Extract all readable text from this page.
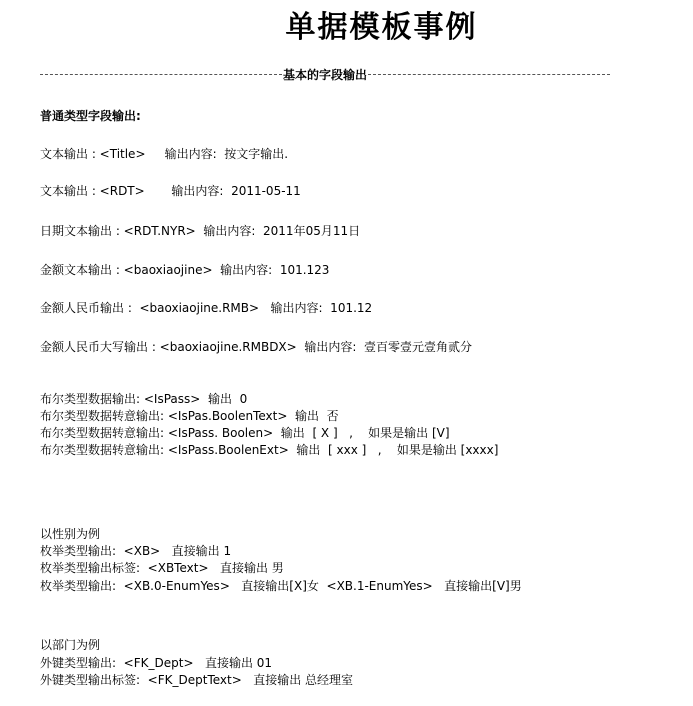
单据模板事例
基本的字段输出
普通类型字段输出:
文本输出 : <Title>     输出内容:  按文字输出.
文本输出 : <RDT>       输出内容:  2011-05-11
日期文本输出 : <RDT.NYR>  输出内容:  2011年05月11日
金额文本输出 : <baoxiaojine>  输出内容:  101.123
金额人民币输出 :  <baoxiaojine.RMB>   输出内容:  101.12
金额人民币大写输出 : <baoxiaojine.RMBDX>  输出内容:  壹百零壹元壹角贰分
布尔类型数据输出: <IsPass>  输出  0
布尔类型数据转意输出: <IsPas.BoolenText>  输出  否
布尔类型数据转意输出: <IsPass. Boolen>  输出  [ X ]   ,    如果是输出 [V]
布尔类型数据转意输出: <IsPass.BoolenExt>  输出  [ xxx ]   ,    如果是输出 [xxxx]
以性别为例
枚举类型输出:  <XB>   直接输出 1
枚举类型输出标签:  <XBText>   直接输出 男
枚举类型输出:  <XB.0-EnumYes>   直接输出[X]女  <XB.1-EnumYes>   直接输出[V]男
以部门为例
外键类型输出:  <FK_Dept>   直接输出 01
外键类型输出标签:  <FK_DeptText>   直接输出 总经理室
